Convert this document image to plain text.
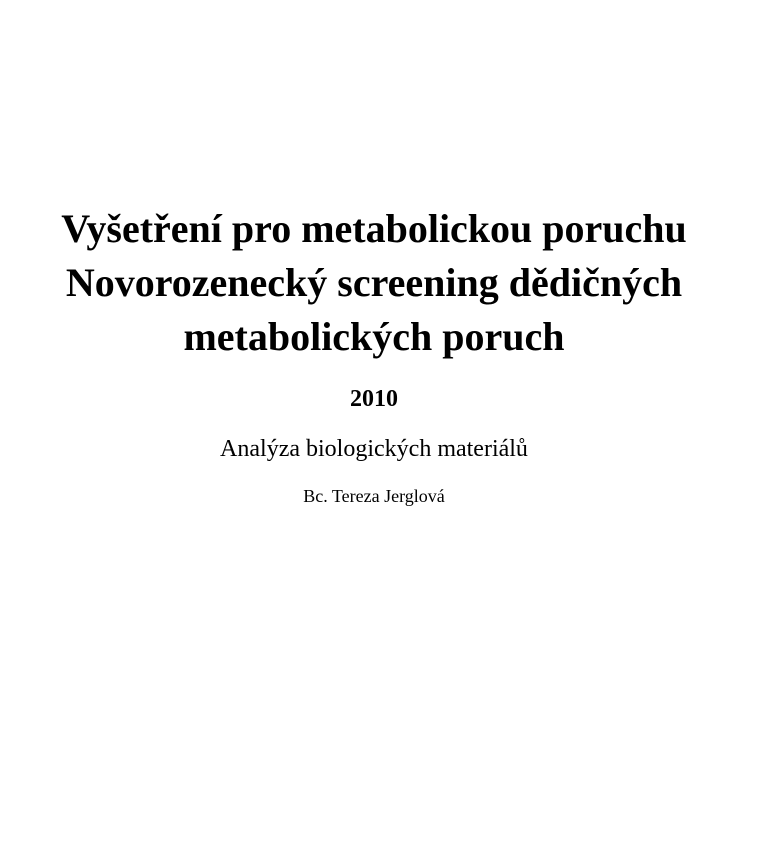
Vyšetření pro metabolickou poruchu
Novorozenecký screening dědičných
metabolických poruch
2010
Analýza biologických materiálů
Bc. Tereza Jerglová
